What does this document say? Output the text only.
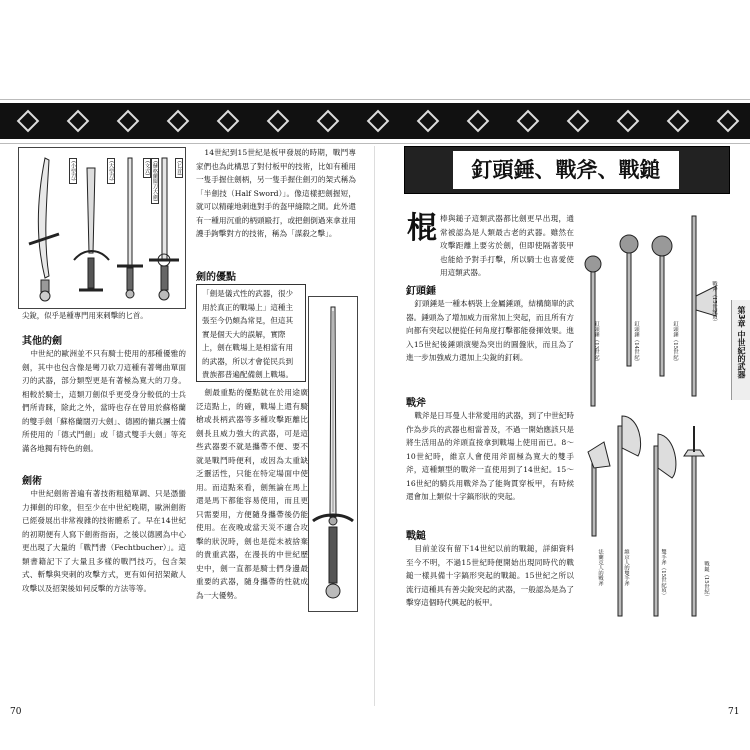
(小型刀)	(大型刀)	(文式) (蘇格蘭闊刀大劍)	(匕首)
尖銳，似乎是種專門用來刺擊的匕首。
其他的劍

中世紀的歐洲並不只有騎士使用的那種優雅的劍，其中也包含像是彎刀砍刀這種有著彎曲單面刃的武器，部分類型更是有著極為寬大的刀身。相較於騎士，這類刀劍似乎更受身分較低的士兵們所青睞，除此之外，當時也存在曾用於蘇格蘭的雙手劍「蘇格蘭闊刃大劍」、德國的傭兵團士備所使用的「德式鬥劍」或「德式雙手大劍」等充滿各地獨有特色的劍。

劍術

中世紀劍術普遍有著技術粗糙單調、只是憑蠻力揮劍的印象，但至少在中世紀晚期，歐洲劍術已經發展出非常複雜的技術體系了。早在14世紀的初期便有人寫下劍術指南，之後以德國為中心更出現了大量的「戰鬥書（Fechtbucher）」。這類書籍記下了大量且多樣的戰鬥技巧，包含架式、斬擊與突刺的攻擊方式，更有如何招架敵人攻擊以及招架後如何反擊的方法等等。

14世紀到15世紀是板甲發展的時期，戰鬥專家們也為此構思了對付板甲的技術，比如有種用一隻手握住劍柄，另一隻手握住劍刃的架式稱為「半劍技（Half Sword）」。像這樣把劍握短，就可以精確地刺進對手的盔甲縫隙之間。此外還有一種用沉重的柄頭毆打，或把劍倒過來拿並用護手鉤擊對方的技術，稱為「謀殺之擊」。

劍的優點
「劍是儀式性的武器，很少用於真正的戰場上」這種主張至今仍頗為常見，但這其實是個天大的誤解，實際上，劍在戰場上是相當有用的武器，所以才會從民兵到貴族都普遍配備劍上戰場。

劍最重點的優點就在於用途廣泛這點上，的確，戰場上還有騎槍或長柄武器等多種攻擊距離比劍長且威力強大的武器，可是這些武器要不就是攜帶不便、要不就是戰鬥時便利，或因為太重缺乏靈活性，只能在特定場面中使用。而這點來看，劍無論在馬上還是馬下都能容易使用，而且更只需要用，方便隨身攜帶後仍能使用。在夜晚或當天災不適合攻擊的狀況時，劍也是從未被捨棄的貴重武器，在漫長的中世紀歷史中，劍一直都是騎士們身邊最重要的武器，隨身攜帶的性就成為一大優勢。

70
釘頭錘、戰斧、戰鎚
第3章 中世紀的武器
棍 棒與鎚子這類武器都比劍更早出現，通常被認為是人類最古老的武器。雖然在攻擊距離上要劣於劍，但即使隔著裝甲也能給予對手打擊，所以騎士也喜愛使用這類武器。

釘頭錘

釘頭錘是一種本柄裝上金屬錘頭，結構簡單的武器。錘頭為了增加威力而常加上突起，而且所有方向都有突起以便從任何角度打擊都能發揮效果。進入15世紀後錘頭演變為突出的圓盤狀，而且為了進一步加強威力還加上尖銳的釘刺。

戰斧

戰斧是日耳曼人非常愛用的武器，到了中世紀時作為步兵的武器也相當普及，不過一開始應該只是將生活用品的斧頭直接拿到戰場上使用而已。8～10世紀時，維京人會使用斧面極為寬大的雙手斧，這種類型的戰斧一直使用到了14世紀。15～16世紀的騎兵用戰斧為了能夠貫穿板甲，有時候還會加上類似十字鎬形狀的突起。

戰鎚

目前並沒有留下14世紀以前的戰鎚，詳細資料至今不明，不過15世紀時便開始出現同時代的戰鎚一樣具備十字鎬形突起的戰鎚。15世紀之所以流行這種具有善尖銳突起的武器，一般認為是為了擊穿這個時代興起的板甲。

釘頭錘（13世紀）	釘頭錘（14世紀）	釘頭錘（15世紀）
戰斧（15世紀頃）
法蘭克人的戰斧	維京人的雙手斧	雙手斧（15世紀頃）	戰鎚（15世紀）
71
